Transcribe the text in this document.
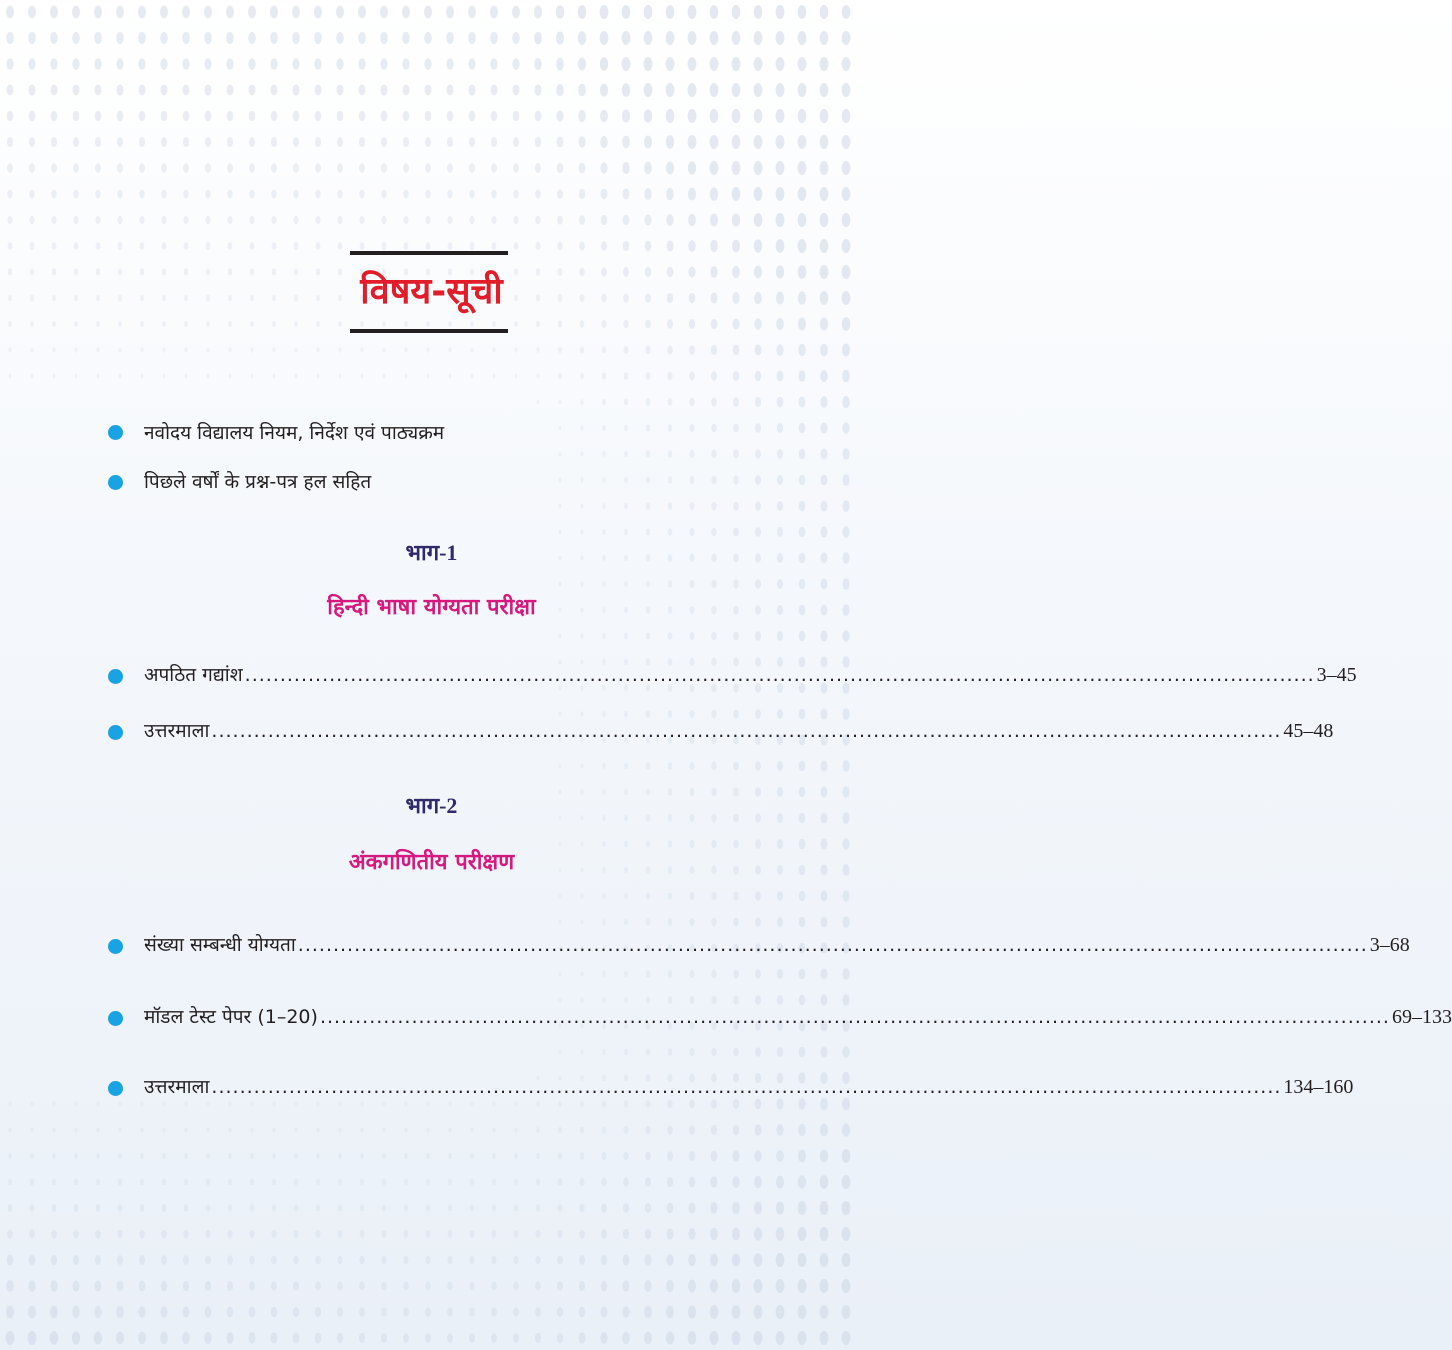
विषय-सूची
नवोदय विद्यालय नियम, निर्देश एवं पाठ्यक्रम
पिछले वर्षों के प्रश्न-पत्र हल सहित
भाग-1
हिन्दी भाषा योग्यता परीक्षा
अपठित गद्यांश ........................................................................................................................................................ 3–45
उत्तरमाला ........................................................................................................................................................ 45–48
भाग-2
अंकगणितीय परीक्षण
संख्या सम्बन्धी योग्यता ........................................................................................................................................................ 3–68
मॉडल टेस्ट पेपर (1–20) ........................................................................................................................................................ 69–133
उत्तरमाला ........................................................................................................................................................ 134–160
